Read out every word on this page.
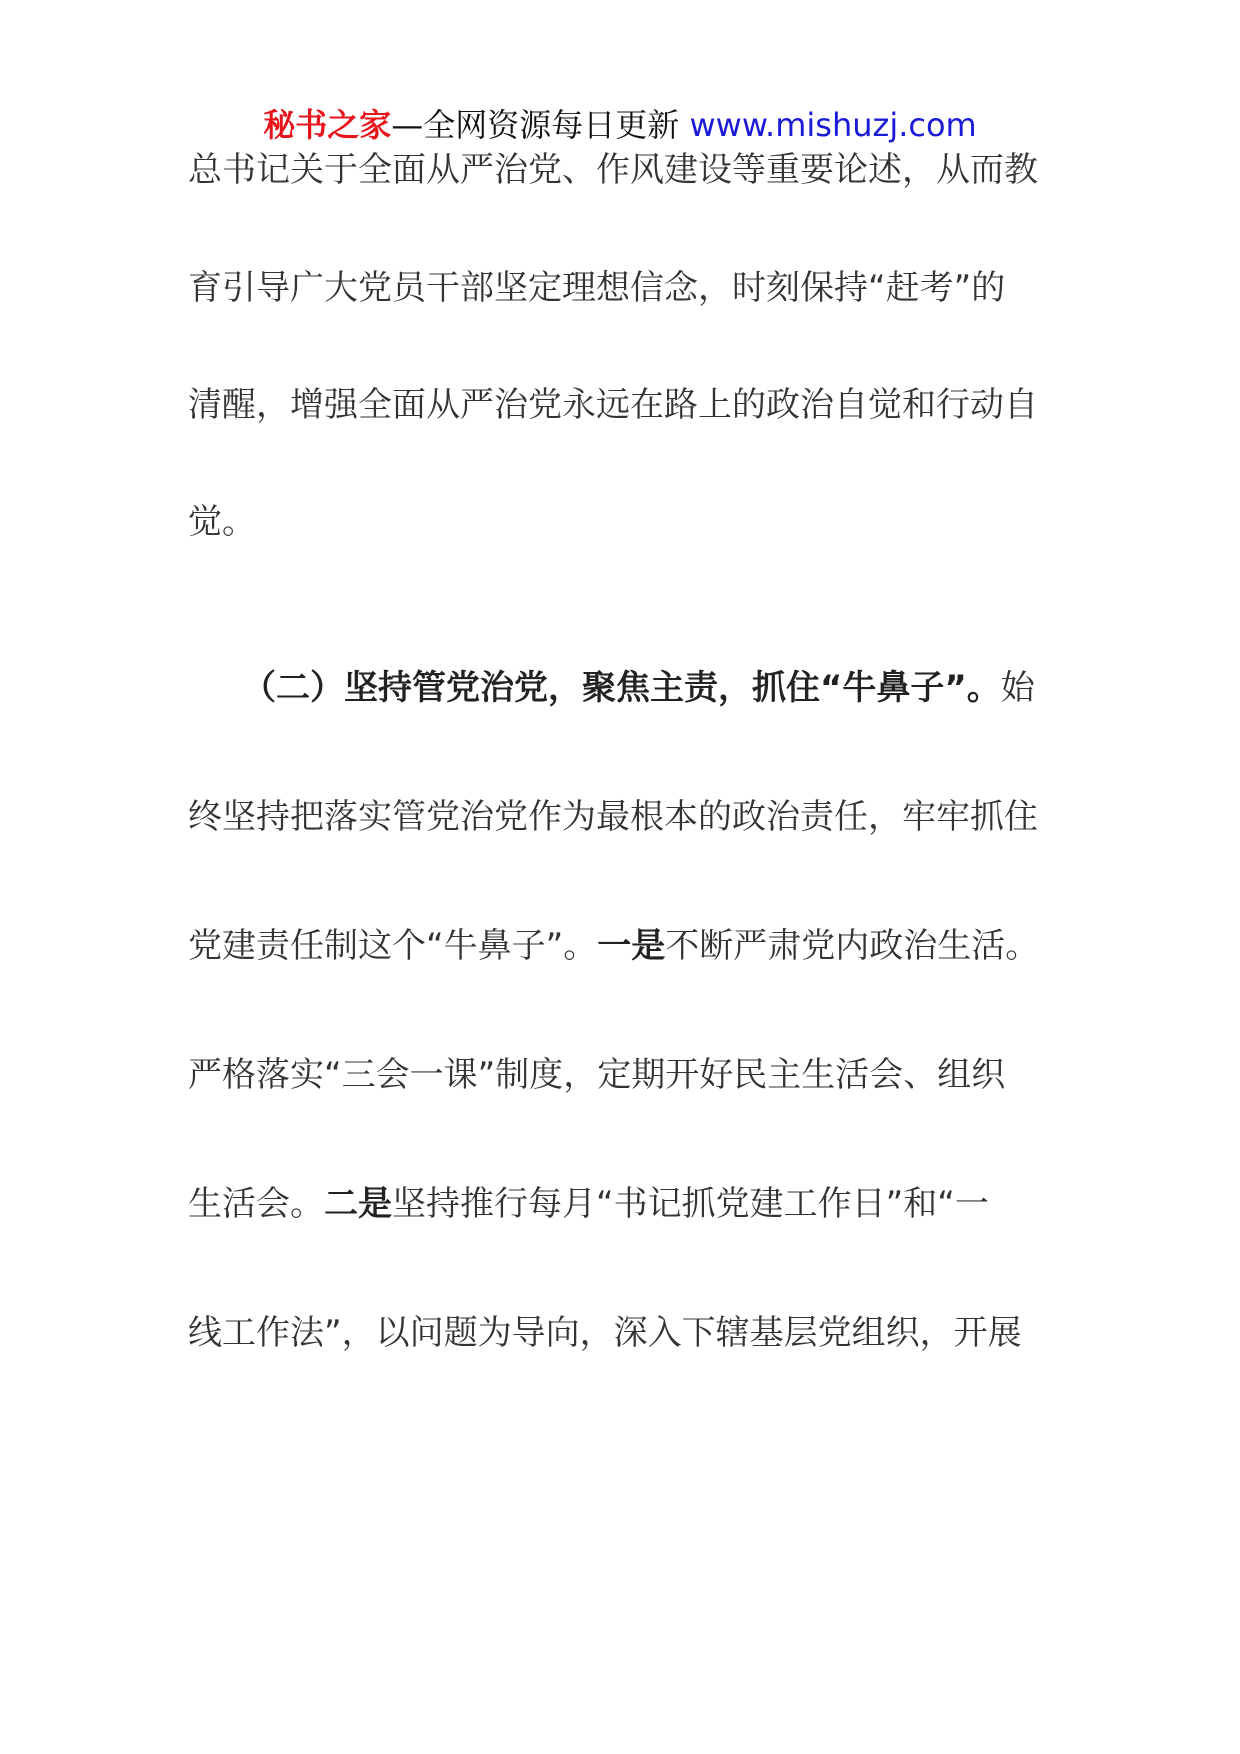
秘书之家—全网资源每日更新 www.mishuzj.com
总书记关于全面从严治党、作风建设等重要论述，从而教
育引导广大党员干部坚定理想信念，时刻保持“赶考”的
清醒，增强全面从严治党永远在路上的政治自觉和行动自
觉。
（二）坚持管党治党，聚焦主责，抓住“牛鼻子”。始
终坚持把落实管党治党作为最根本的政治责任，牢牢抓住
党建责任制这个“牛鼻子”。一是不断严肃党内政治生活。
严格落实“三会一课”制度，定期开好民主生活会、组织
生活会。二是坚持推行每月“书记抓党建工作日”和“一
线工作法”，以问题为导向，深入下辖基层党组织，开展
